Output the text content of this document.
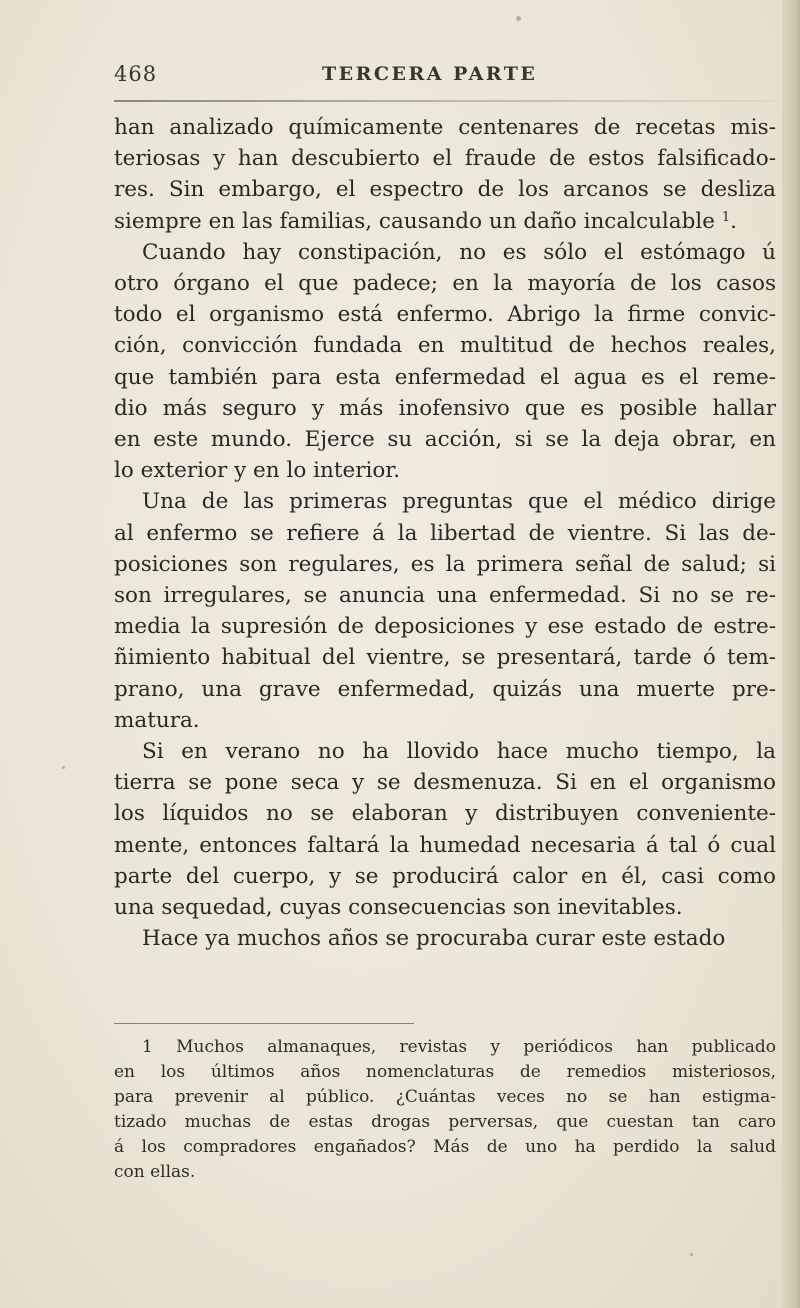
468	TERCERA PARTE
han analizado químicamente centenares de recetas mis-
teriosas y han descubierto el fraude de estos falsificado-
res. Sin embargo, el espectro de los arcanos se desliza
siempre en las familias, causando un daño incalculable $^1$.
Cuando hay constipación, no es sólo el estómago ú
otro órgano el que padece; en la mayoría de los casos
todo el organismo está enfermo. Abrigo la firme convic-
ción, convicción fundada en multitud de hechos reales,
que también para esta enfermedad el agua es el reme-
dio más seguro y más inofensivo que es posible hallar
en este mundo. Ejerce su acción, si se la deja obrar, en
lo exterior y en lo interior.
Una de las primeras preguntas que el médico dirige
al enfermo se refiere á la libertad de vientre. Si las de-
posiciones son regulares, es la primera señal de salud; si
son irregulares, se anuncia una enfermedad. Si no se re-
media la supresión de deposiciones y ese estado de estre-
ñimiento habitual del vientre, se presentará, tarde ó tem-
prano, una grave enfermedad, quizás una muerte pre-
matura.
Si en verano no ha llovido hace mucho tiempo, la
tierra se pone seca y se desmenuza. Si en el organismo
los líquidos no se elaboran y distribuyen conveniente-
mente, entonces faltará la humedad necesaria á tal ó cual
parte del cuerpo, y se producirá calor en él, casi como
una sequedad, cuyas consecuencias son inevitables.
Hace ya muchos años se procuraba curar este estado
1 Muchos almanaques, revistas y periódicos han publicado
en los últimos años nomenclaturas de remedios misteriosos,
para prevenir al público. ¿Cuántas veces no se han estigma-
tizado muchas de estas drogas perversas, que cuestan tan caro
á los compradores engañados? Más de uno ha perdido la salud
con ellas.
